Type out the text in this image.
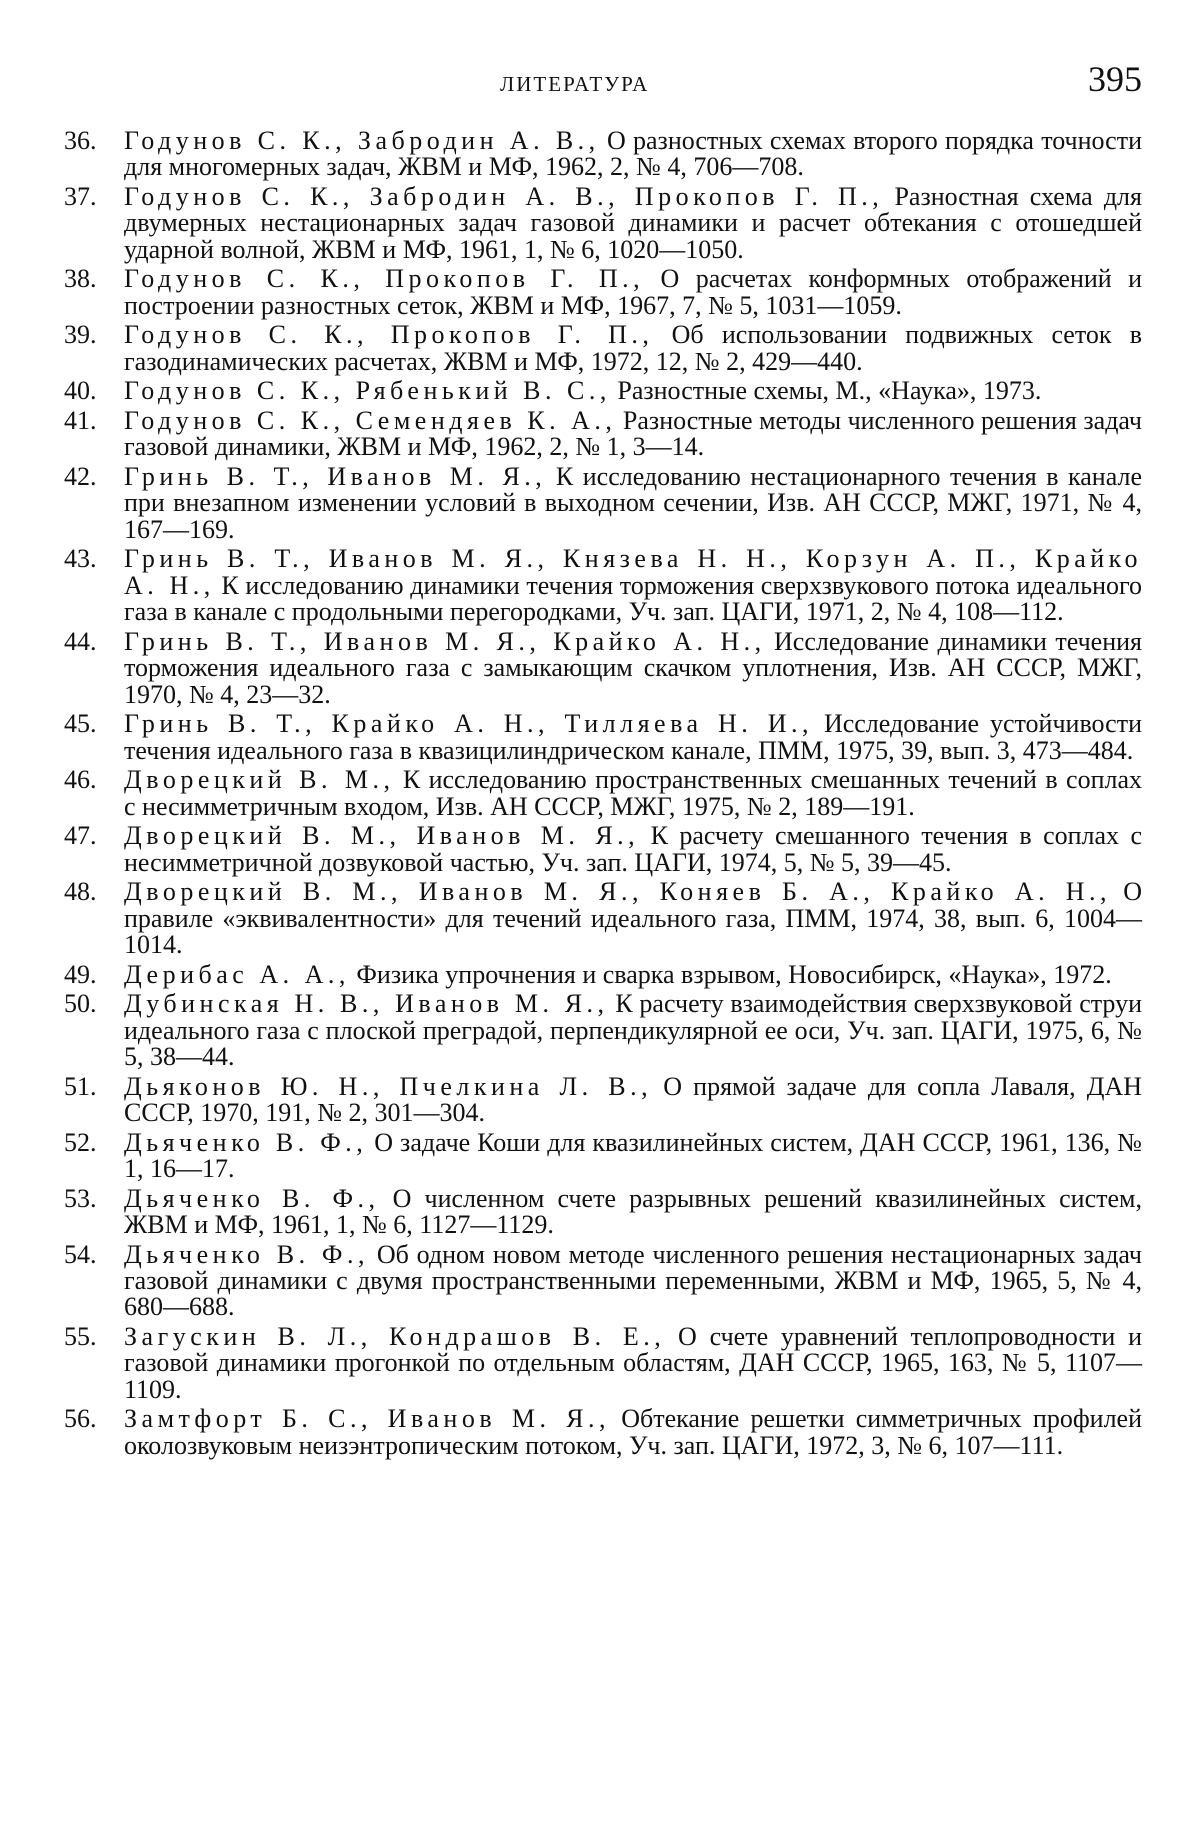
ЛИТЕРАТУРА	395
36.	Годунов С. К., Забродин А. В., О разностных схемах второго порядка точности для многомерных задач, ЖВМ и МФ, 1962, 2, № 4, 706—708.
37.	Годунов С. К., Забродин А. В., Прокопов Г. П., Разностная схема для двумерных нестационарных задач газовой динамики и расчет обтекания с отошедшей ударной волной, ЖВМ и МФ, 1961, 1, № 6, 1020—1050.
38.	Годунов С. К., Прокопов Г. П., О расчетах конформных отображений и построении разностных сеток, ЖВМ и МФ, 1967, 7, № 5, 1031—1059.
39.	Годунов С. К., Прокопов Г. П., Об использовании подвижных сеток в газодинамических расчетах, ЖВМ и МФ, 1972, 12, № 2, 429—440.
40.	Годунов С. К., Рябенький В. С., Разностные схемы, М., «Наука», 1973.
41.	Годунов С. К., Семендяев К. А., Разностные методы численного решения задач газовой динамики, ЖВМ и МФ, 1962, 2, № 1, 3—14.
42.	Гринь В. Т., Иванов М. Я., К исследованию нестационарного течения в канале при внезапном изменении условий в выходном сечении, Изв. АН СССР, МЖГ, 1971, № 4, 167—169.
43.	Гринь В. Т., Иванов М. Я., Князева Н. Н., Корзун А. П., Крайко А. Н., К исследованию динамики течения торможения сверхзвукового потока идеального газа в канале с продольными перегородками, Уч. зап. ЦАГИ, 1971, 2, № 4, 108—112.
44.	Гринь В. Т., Иванов М. Я., Крайко А. Н., Исследование динамики течения торможения идеального газа с замыкающим скачком уплотнения, Изв. АН СССР, МЖГ, 1970, № 4, 23—32.
45.	Гринь В. Т., Крайко А. Н., Тилляева Н. И., Исследование устойчивости течения идеального газа в квазицилиндрическом канале, ПММ, 1975, 39, вып. 3, 473—484.
46.	Дворецкий В. М., К исследованию пространственных смешанных течений в соплах с несимметричным входом, Изв. АН СССР, МЖГ, 1975, № 2, 189—191.
47.	Дворецкий В. М., Иванов М. Я., К расчету смешанного течения в соплах с несимметричной дозвуковой частью, Уч. зап. ЦАГИ, 1974, 5, № 5, 39—45.
48.	Дворецкий В. М., Иванов М. Я., Коняев Б. А., Крайко А. Н., О правиле «эквивалентности» для течений идеального газа, ПММ, 1974, 38, вып. 6, 1004—1014.
49.	Дерибас А. А., Физика упрочнения и сварка взрывом, Новосибирск, «Наука», 1972.
50.	Дубинская Н. В., Иванов М. Я., К расчету взаимодействия сверхзвуковой струи идеального газа с плоской преградой, перпендикулярной ее оси, Уч. зап. ЦАГИ, 1975, 6, № 5, 38—44.
51.	Дьяконов Ю. Н., Пчелкина Л. В., О прямой задаче для сопла Лаваля, ДАН СССР, 1970, 191, № 2, 301—304.
52.	Дьяченко В. Ф., О задаче Коши для квазилинейных систем, ДАН СССР, 1961, 136, № 1, 16—17.
53.	Дьяченко В. Ф., О численном счете разрывных решений квазилинейных систем, ЖВМ и МФ, 1961, 1, № 6, 1127—1129.
54.	Дьяченко В. Ф., Об одном новом методе численного решения нестационарных задач газовой динамики с двумя пространственными переменными, ЖВМ и МФ, 1965, 5, № 4, 680—688.
55.	Загускин В. Л., Кондрашов В. Е., О счете уравнений теплопроводности и газовой динамики прогонкой по отдельным областям, ДАН СССР, 1965, 163, № 5, 1107—1109.
56.	Замтфорт Б. С., Иванов М. Я., Обтекание решетки симметричных профилей околозвуковым неизэнтропическим потоком, Уч. зап. ЦАГИ, 1972, 3, № 6, 107—111.
